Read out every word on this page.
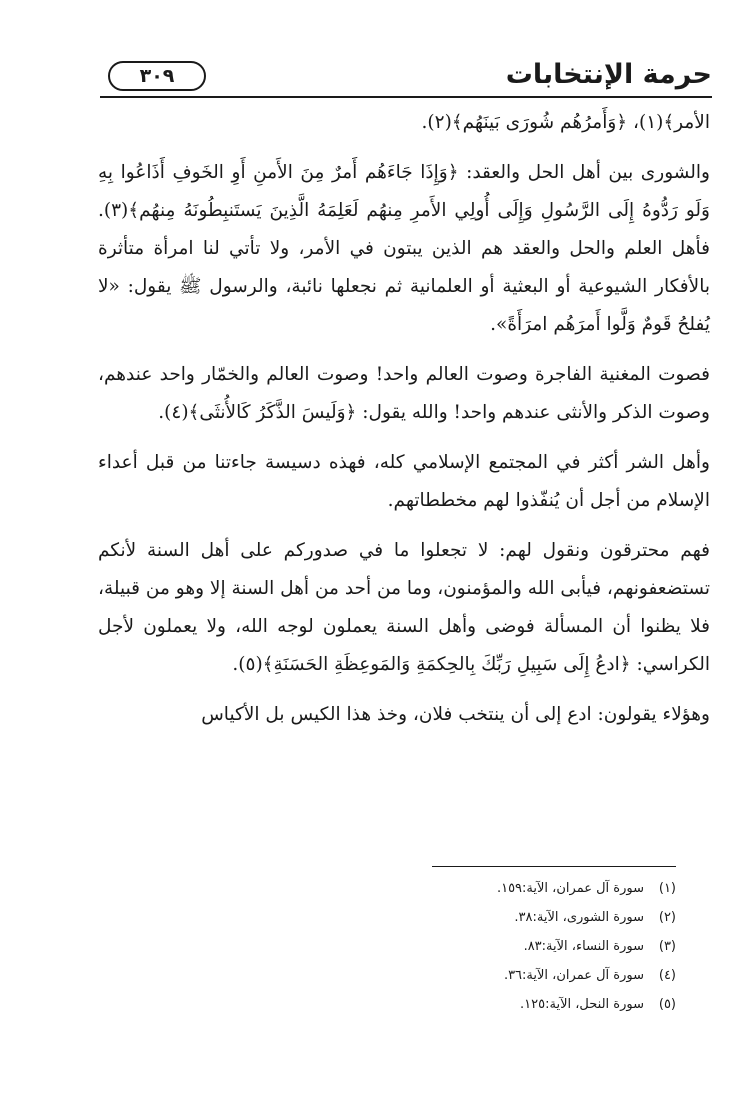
حرمة الإنتخابات
٣٠٩

الأمر﴾(١)، ﴿وَأَمرُهُم شُورَى بَينَهُم﴾(٢).

والشورى بين أهل الحل والعقد: ﴿وَإِذَا جَاءَهُم أَمرٌ مِنَ الأَمنِ أَوِ الخَوفِ أَذَاعُوا بِهِ وَلَو رَدُّوهُ إِلَى الرَّسُولِ وَإِلَى أُولِي الأَمرِ مِنهُم لَعَلِمَهُ الَّذِينَ يَستَنبِطُونَهُ مِنهُم﴾(٣). فأهل العلم والحل والعقد هم الذين يبتون في الأمر، ولا تأتي لنا امرأة متأثرة بالأفكار الشيوعية أو البعثية أو العلمانية ثم نجعلها نائبة، والرسول ﷺ يقول: «لا يُفلحُ قَومٌ وَلَّوا أَمرَهُم امرَأَةً».

فصوت المغنية الفاجرة وصوت العالم واحد! وصوت العالم والخمّار واحد عندهم، وصوت الذكر والأنثى عندهم واحد! والله يقول: ﴿وَلَيسَ الذَّكَرُ كَالأُنثَى﴾(٤).

وأهل الشر أكثر في المجتمع الإسلامي كله، فهذه دسيسة جاءتنا من قبل أعداء الإسلام من أجل أن يُنفّذوا لهم مخططاتهم.

فهم محترقون ونقول لهم: لا تجعلوا ما في صدوركم على أهل السنة لأنكم تستضعفونهم، فيأبى الله والمؤمنون، وما من أحد من أهل السنة إلا وهو من قبيلة، فلا يظنوا أن المسألة فوضى وأهل السنة يعملون لوجه الله، ولا يعملون لأجل الكراسي: ﴿ادعُ إِلَى سَبِيلِ رَبِّكَ بِالحِكمَةِ وَالمَوعِظَةِ الحَسَنَةِ﴾(٥).

وهؤلاء يقولون: ادع إلى أن ينتخب فلان، وخذ هذا الكيس بل الأكياس

(١)
سورة آل عمران، الآية:١٥٩.
(٢)
سورة الشورى، الآية:٣٨.
(٣)
سورة النساء، الآية:٨٣.
(٤)
سورة آل عمران، الآية:٣٦.
(٥)
سورة النحل، الآية:١٢٥.
